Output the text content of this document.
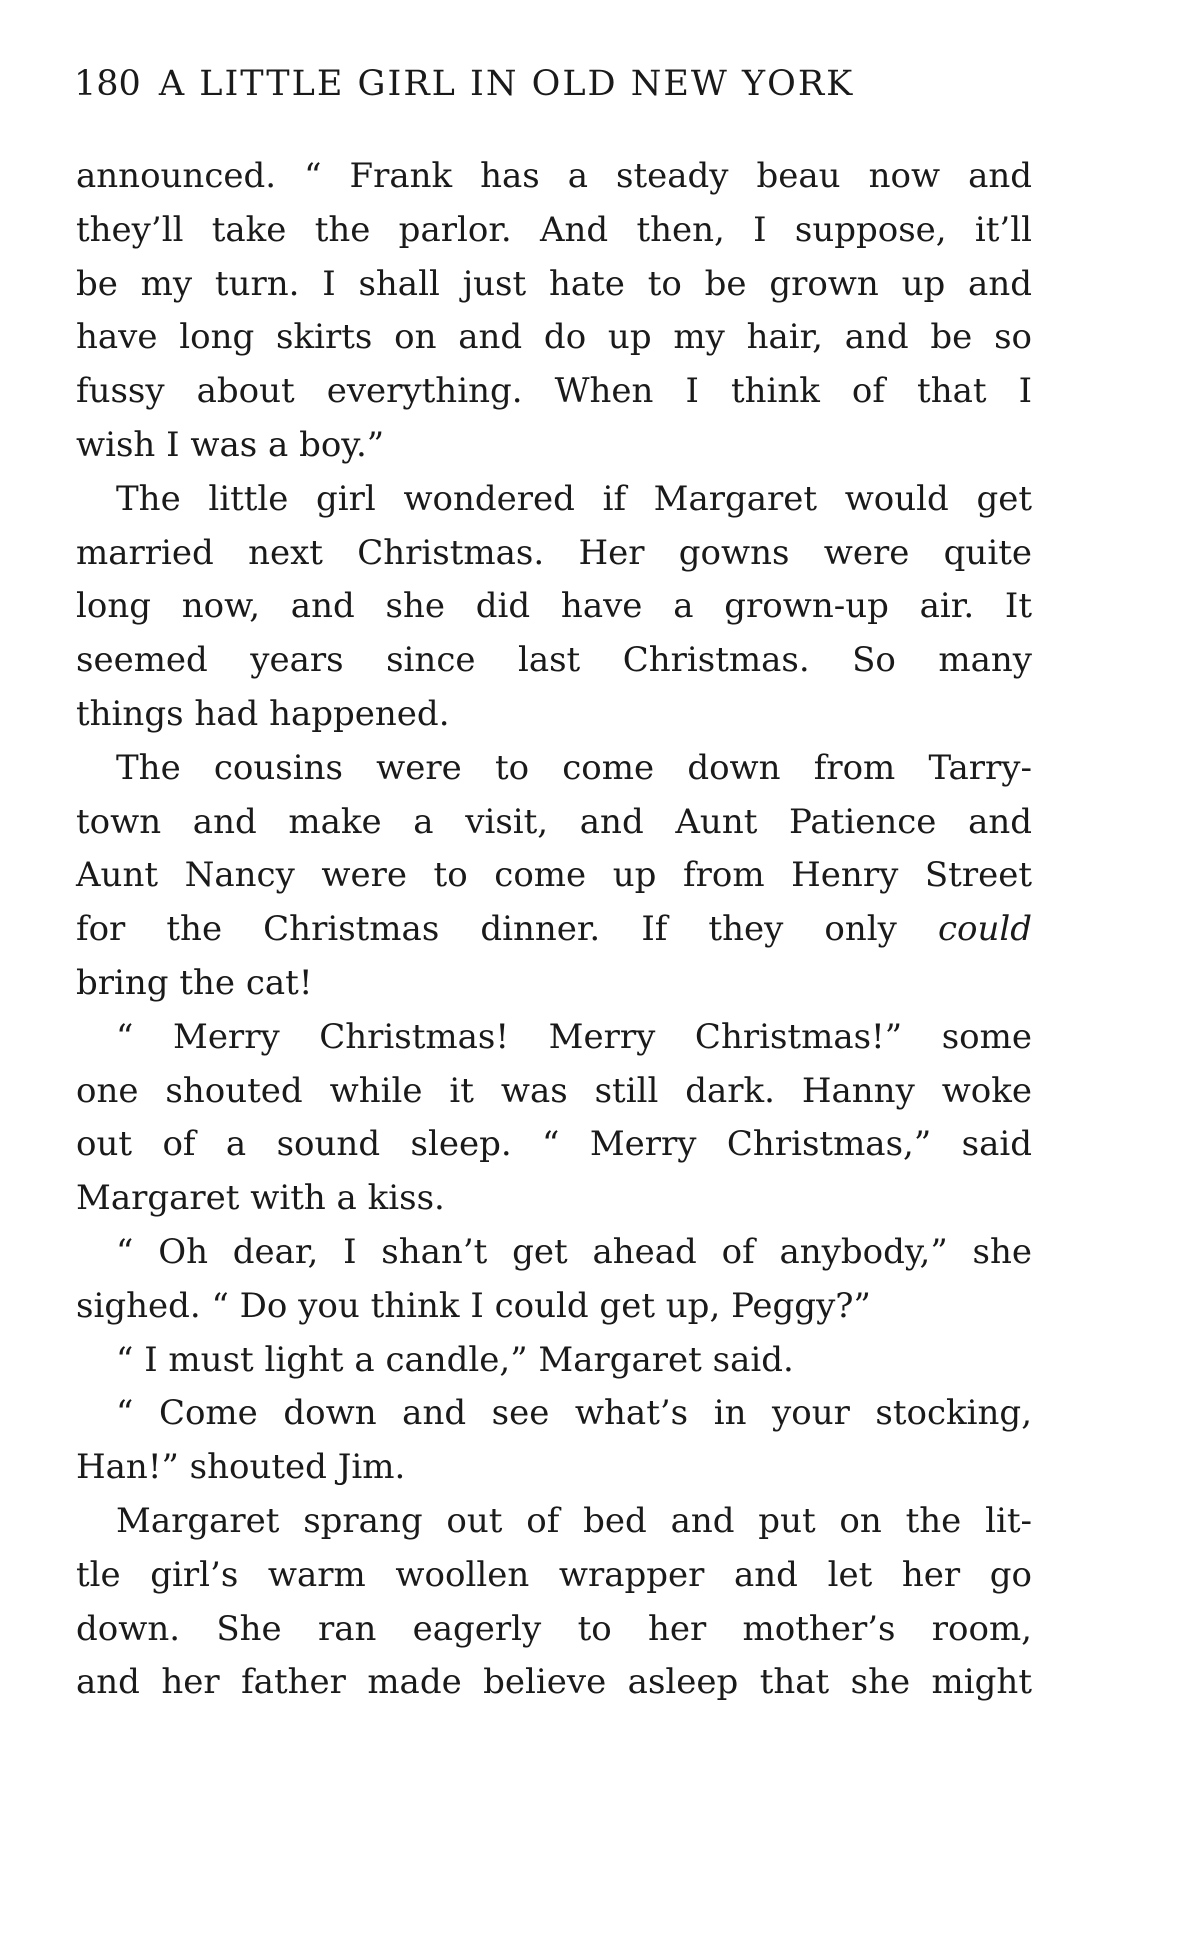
180 A LITTLE GIRL IN OLD NEW YORK
announced. “ Frank has a steady beau now and
they’ll take the parlor. And then, I suppose, it’ll
be my turn. I shall just hate to be grown up and
have long skirts on and do up my hair, and be so
fussy about everything. When I think of that I
wish I was a boy.”
The little girl wondered if Margaret would get
married next Christmas. Her gowns were quite
long now, and she did have a grown-up air. It
seemed years since last Christmas. So many
things had happened.
The cousins were to come down from Tarry-
town and make a visit, and Aunt Patience and
Aunt Nancy were to come up from Henry Street
for the Christmas dinner. If they only could
bring the cat!
“ Merry Christmas! Merry Christmas!” some
one shouted while it was still dark. Hanny woke
out of a sound sleep. “ Merry Christmas,” said
Margaret with a kiss.
“ Oh dear, I shan’t get ahead of anybody,” she
sighed. “ Do you think I could get up, Peggy?”
“ I must light a candle,” Margaret said.
“ Come down and see what’s in your stocking,
Han!” shouted Jim.
Margaret sprang out of bed and put on the lit-
tle girl’s warm woollen wrapper and let her go
down. She ran eagerly to her mother’s room,
and her father made believe asleep that she might
